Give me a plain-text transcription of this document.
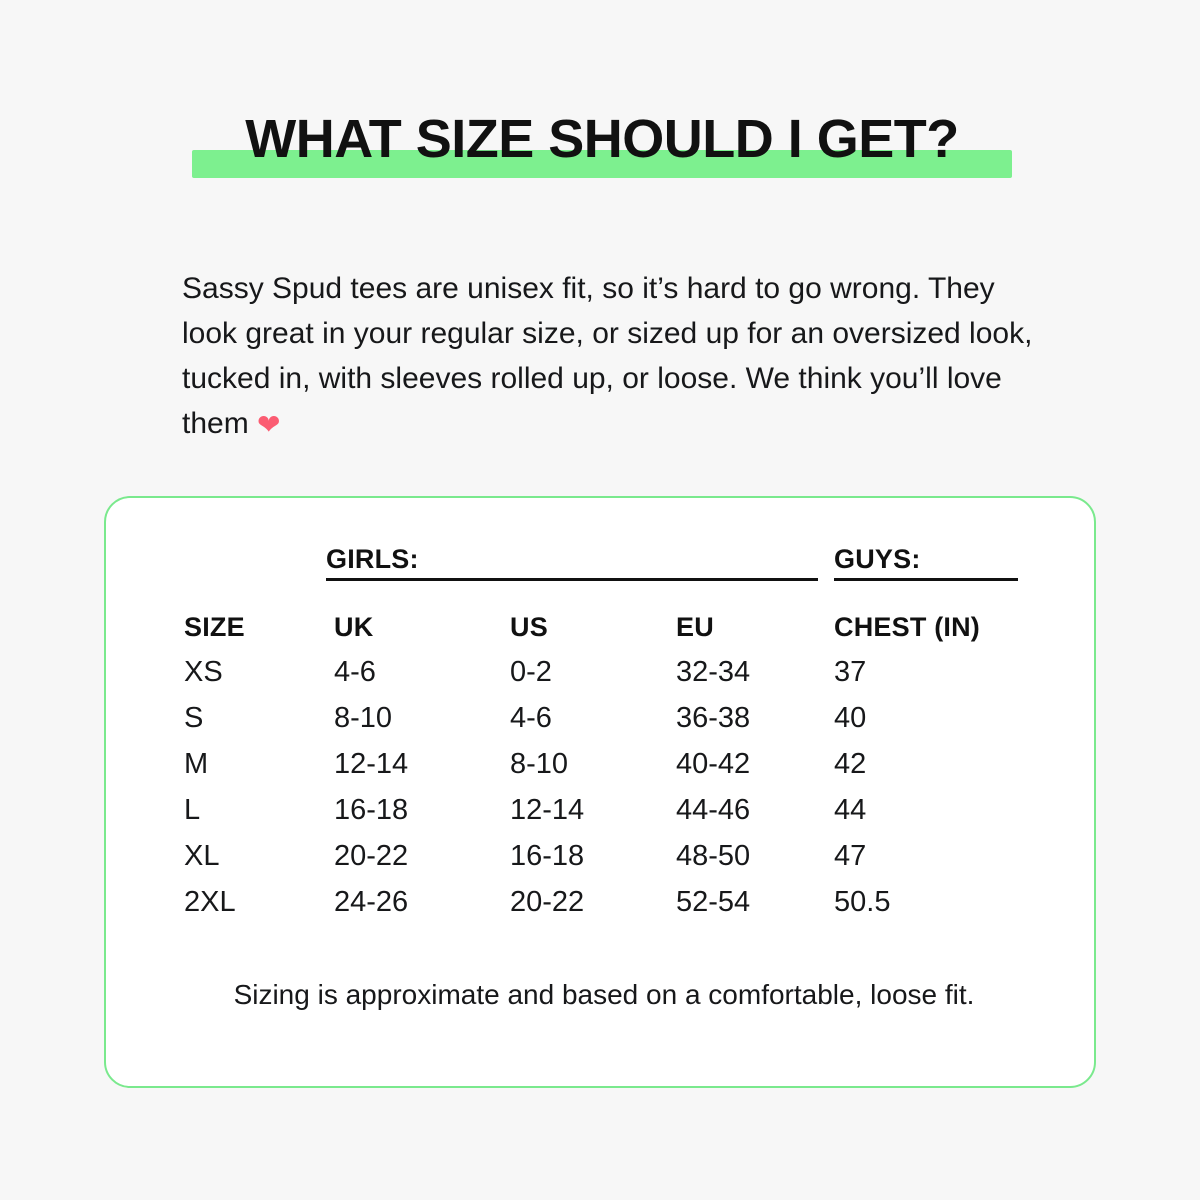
WHAT SIZE SHOULD I GET?

Sassy Spud tees are unisex fit, so it’s hard to go wrong. They look great in your regular size, or sized up for an oversized look, tucked in, with sleeves rolled up, or loose. We think you’ll love them ❤

GIRLS:	GUYS:
SIZE	UK	US	EU	CHEST (IN)
XS	4-6	0-2	32-34	37
S	8-10	4-6	36-38	40
M	12-14	8-10	40-42	42
L	16-18	12-14	44-46	44
XL	20-22	16-18	48-50	47
2XL	24-26	20-22	52-54	50.5
Sizing is approximate and based on a comfortable, loose fit.
